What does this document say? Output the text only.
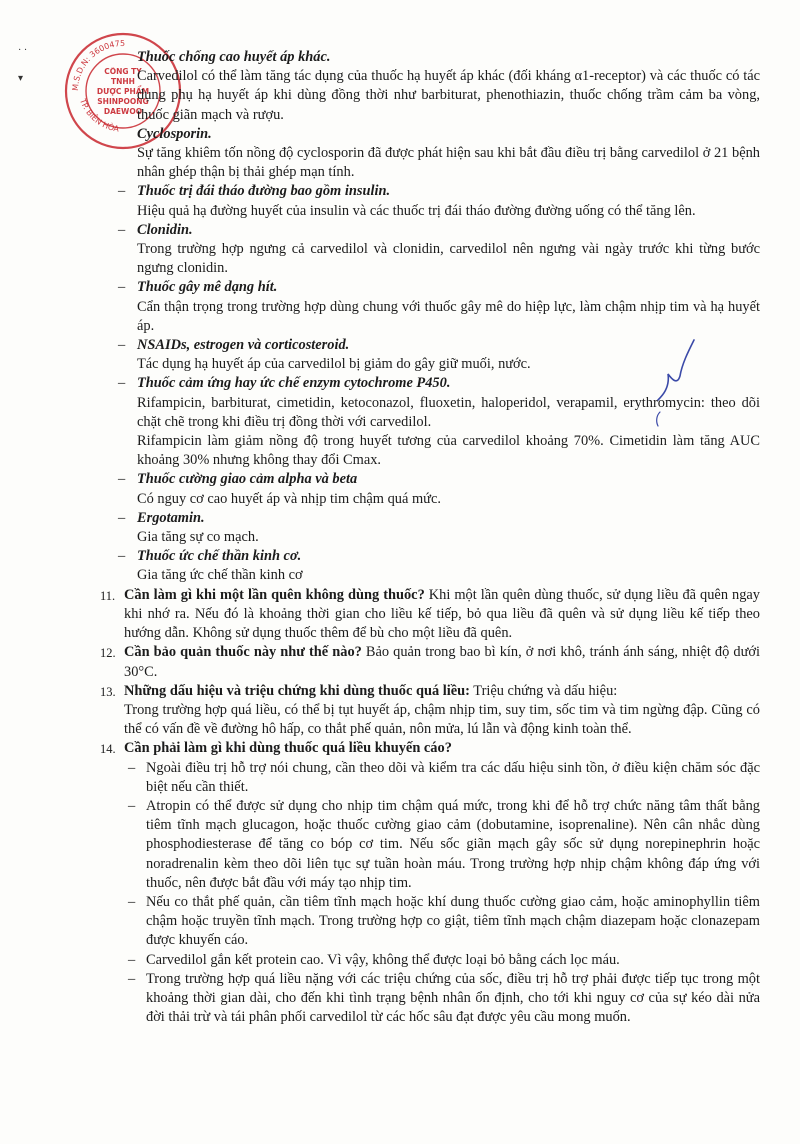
· ·

▾
M.S.D.N: 3600475
TP. BIÊN HÒA
CÔNG TY
TNHH
DƯỢC PHẨM
SHINPOONG
DAEWOO
Thuốc chống cao huyết áp khác.
Carvedilol có thể làm tăng tác dụng của thuốc hạ huyết áp khác (đối kháng α1-receptor) và các thuốc có tác dụng phụ hạ huyết áp khi dùng đồng thời như barbiturat, phenothiazin, thuốc chống trầm cảm ba vòng, thuốc giãn mạch và rượu.
Cyclosporin.
Sự tăng khiêm tốn nồng độ cyclosporin đã được phát hiện sau khi bắt đầu điều trị bằng carvedilol ở 21 bệnh nhân ghép thận bị thải ghép mạn tính.
– Thuốc trị đái tháo đường bao gồm insulin.
Hiệu quả hạ đường huyết của insulin và các thuốc trị đái tháo đường đường uống có thể tăng lên.
– Clonidin.
Trong trường hợp ngưng cả carvedilol và clonidin, carvedilol nên ngưng vài ngày trước khi từng bước ngưng clonidin.
– Thuốc gây mê dạng hít.
Cẩn thận trọng trong trường hợp dùng chung với thuốc gây mê do hiệp lực, làm chậm nhịp tim và hạ huyết áp.
– NSAIDs, estrogen và corticosteroid.
Tác dụng hạ huyết áp của carvedilol bị giảm do gây giữ muối, nước.
– Thuốc cảm ứng hay ức chế enzym cytochrome P450.
Rifampicin, barbiturat, cimetidin, ketoconazol, fluoxetin, haloperidol, verapamil, erythromycin: theo dõi chặt chẽ trong khi điều trị đồng thời với carvedilol.
Rifampicin làm giảm nồng độ trong huyết tương của carvedilol khoảng 70%. Cimetidin làm tăng AUC khoảng 30% nhưng không thay đổi Cmax.
– Thuốc cường giao cảm alpha và beta
Có nguy cơ cao huyết áp và nhịp tim chậm quá mức.
– Ergotamin.
Gia tăng sự co mạch.
– Thuốc ức chế thần kinh cơ.
Gia tăng ức chế thần kinh cơ
11. Cần làm gì khi một lần quên không dùng thuốc? Khi một lần quên dùng thuốc, sử dụng liều đã quên ngay khi nhớ ra. Nếu đó là khoảng thời gian cho liều kế tiếp, bỏ qua liều đã quên và sử dụng liều kế tiếp theo hướng dẫn. Không sử dụng thuốc thêm để bù cho một liều đã quên.
12. Cần bảo quản thuốc này như thế nào? Bảo quản trong bao bì kín, ở nơi khô, tránh ánh sáng, nhiệt độ dưới 30°C.
13. Những dấu hiệu và triệu chứng khi dùng thuốc quá liều: Triệu chứng và dấu hiệu:
Trong trường hợp quá liều, có thể bị tụt huyết áp, chậm nhịp tim, suy tim, sốc tim và tim ngừng đập. Cũng có thể có vấn đề về đường hô hấp, co thắt phế quản, nôn mửa, lú lẫn và động kinh toàn thể.
14. Cần phải làm gì khi dùng thuốc quá liều khuyến cáo?
– Ngoài điều trị hỗ trợ nói chung, cần theo dõi và kiểm tra các dấu hiệu sinh tồn, ở điều kiện chăm sóc đặc biệt nếu cần thiết.
– Atropin có thể được sử dụng cho nhịp tim chậm quá mức, trong khi để hỗ trợ chức năng tâm thất bằng tiêm tĩnh mạch glucagon, hoặc thuốc cường giao cảm (dobutamine, isoprenaline). Nên cân nhắc dùng phosphodiesterase để tăng co bóp cơ tim. Nếu sốc giãn mạch gây sốc sử dụng norepinephrin hoặc noradrenalin kèm theo dõi liên tục sự tuần hoàn máu. Trong trường hợp nhịp chậm không đáp ứng với thuốc, nên được bắt đầu với máy tạo nhịp tim.
– Nếu co thắt phế quản, cần tiêm tĩnh mạch hoặc khí dung thuốc cường giao cảm, hoặc aminophyllin tiêm chậm hoặc truyền tĩnh mạch. Trong trường hợp co giật, tiêm tĩnh mạch chậm diazepam hoặc clonazepam được khuyến cáo.
– Carvedilol gắn kết protein cao. Vì vậy, không thể được loại bỏ bằng cách lọc máu.
– Trong trường hợp quá liều nặng với các triệu chứng của sốc, điều trị hỗ trợ phải được tiếp tục trong một khoảng thời gian dài, cho đến khi tình trạng bệnh nhân ổn định, cho tới khi nguy cơ của sự kéo dài nửa đời thải trừ và tái phân phối carvedilol từ các hốc sâu đạt được yêu cầu mong muốn.
